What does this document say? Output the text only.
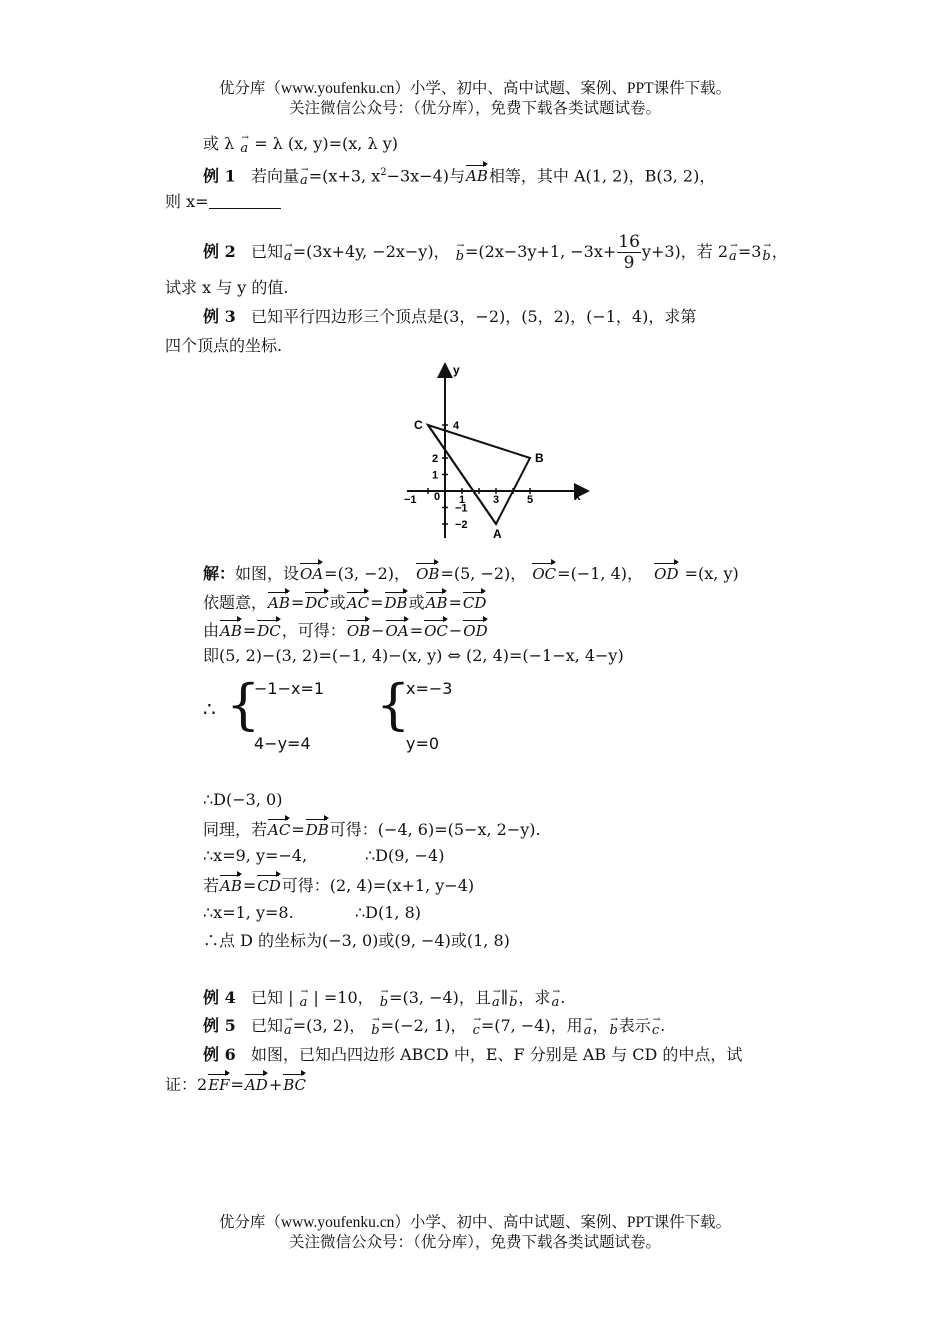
优分库（www.youfenku.cn）小学、初中、高中试题、案例、PPT课件下载。
关注微信公众号：（优分库），免费下载各类试题试卷。
或 λ a → = λ (x, y)=(x, λ y)
例 1 若向量a →=(x+3, $x^2-3x-4$)与AB相等，其中 A(1, 2)，B(3, 2)，
则 x=
例 2 已知a →=(3x+4y, −2x−y)， b →=(2x−3y+1, $-3x+ \frac{16}{9} y+3$)，若 2a →=3b →，
试求 x 与 y 的值.
例 3 已知平行四边形三个顶点是(3，−2)，(5，2)，(−1，4)，求第
四个顶点的坐标.
x
y
0
−1	1	3	5
4
2
1
−1
−2
C
B
A
解：如图，设OA=(3, −2)， OB=(5, −2)， OC=(−1, 4)， OD =(x, y)
依题意，AB=DC或AC=DB或AB=CD
由AB=DC，可得：OB−OA=OC−OD
即(5, 2)−(3, 2)=(−1, 4)−(x, y) ⇔ (2, 4)=(−1−x, 4−y)
∴ {
−1−x=1
4−y=4
{
x=−3
y=0
∴D(−3, 0)
同理，若AC=DB可得：(−4, 6)=(5−x, 2−y).
∴x=9, y=−4,	∴D(9, −4)
若AB=CD可得：(2, 4)=(x+1, y−4)
∴x=1, y=8.	∴D(1, 8)
∴点 D 的坐标为(−3, 0)或(9, −4)或(1, 8)
例 4 已知 | a → | =10， b →=(3, −4)，且a →∥b →，求a →.
例 5 已知a →=(3, 2)， b →=(−2, 1)， c →=(7, −4)，用a →，b →表示c →.
例 6 如图，已知凸四边形 ABCD 中，E、F 分别是 AB 与 CD 的中点，试
证：2EF=AD+BC
优分库（www.youfenku.cn）小学、初中、高中试题、案例、PPT课件下载。
关注微信公众号：（优分库），免费下载各类试题试卷。
